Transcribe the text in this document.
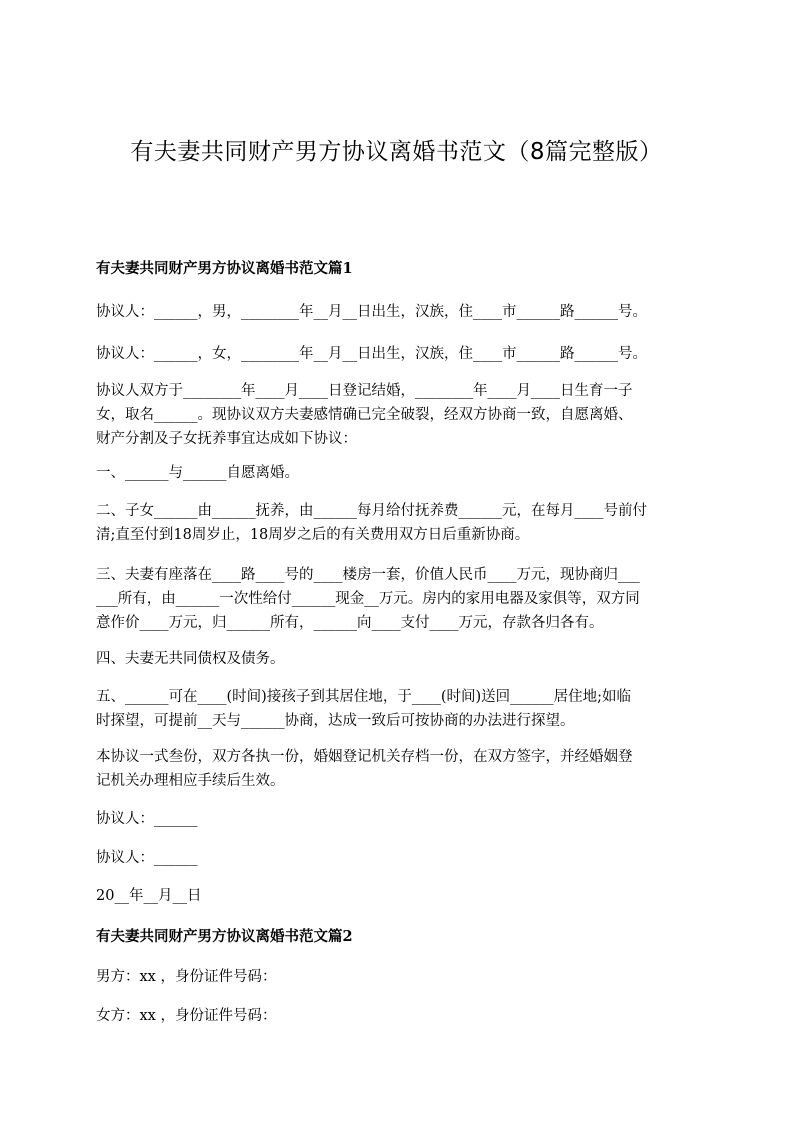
有夫妻共同财产男方协议离婚书范文（8篇完整版）
有夫妻共同财产男方协议离婚书范文篇1

协议人：______，男，________年__月__日出生，汉族，住____市______路______号。

协议人：______，女，________年__月__日出生，汉族，住____市______路______号。

协议人双方于________年____月____日登记结婚，________年____月____日生育一子
女，取名______。现协议双方夫妻感情确已完全破裂，经双方协商一致，自愿离婚、
财产分割及子女抚养事宜达成如下协议：

一、______与______自愿离婚。

二、子女______由______抚养，由______每月给付抚养费______元，在每月____号前付
清;直至付到18周岁止，18周岁之后的有关费用双方日后重新协商。

三、夫妻有座落在____路____号的____楼房一套，价值人民币____万元，现协商归___
___所有，由______一次性给付______现金__万元。房内的家用电器及家俱等，双方同
意作价____万元，归______所有，______向____支付____万元，存款各归各有。

四、夫妻无共同债权及债务。

五、______可在____(时间)接孩子到其居住地，于____(时间)送回______居住地;如临
时探望，可提前__天与______协商，达成一致后可按协商的办法进行探望。

本协议一式叁份，双方各执一份，婚姻登记机关存档一份，在双方签字，并经婚姻登
记机关办理相应手续后生效。

协议人：______

协议人：______

20__年__月__日

有夫妻共同财产男方协议离婚书范文篇2

男方：xx ，身份证件号码：

女方：xx ，身份证件号码：
